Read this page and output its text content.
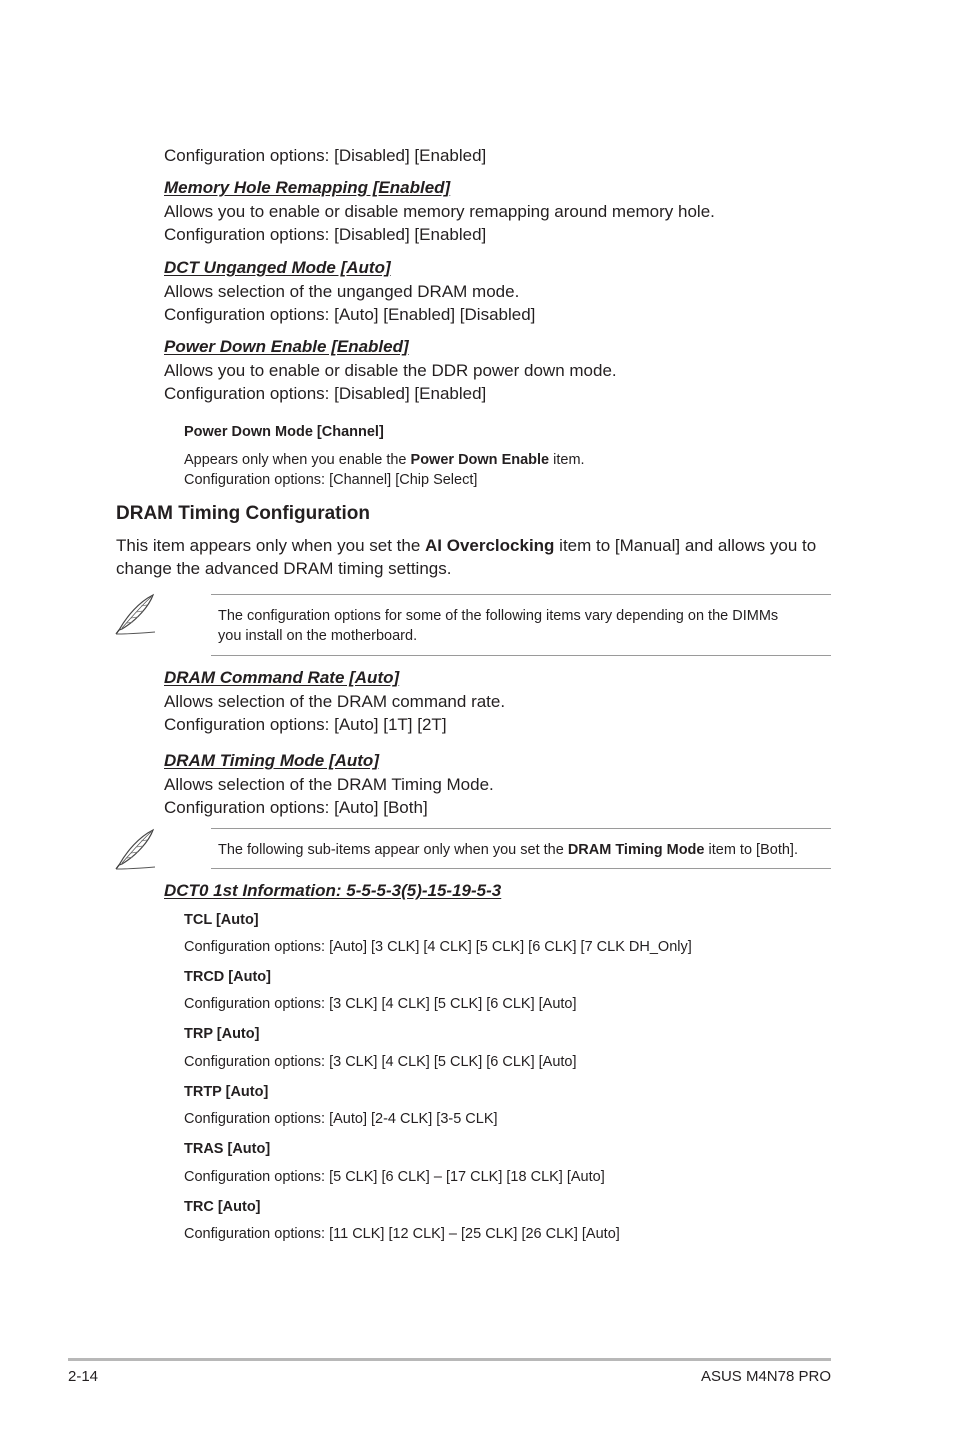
Configuration options: [Disabled] [Enabled]
Memory Hole Remapping [Enabled]
Allows you to enable or disable memory remapping around memory hole.
Configuration options: [Disabled] [Enabled]
DCT Unganged Mode [Auto]
Allows selection of the unganged DRAM mode.
Configuration options: [Auto] [Enabled] [Disabled]
Power Down Enable [Enabled]
Allows you to enable or disable the DDR power down mode.
Configuration options: [Disabled] [Enabled]
Power Down Mode [Channel]
Appears only when you enable the Power Down Enable item.
Configuration options: [Channel] [Chip Select]
DRAM Timing Configuration
This item appears only when you set the AI Overclocking item to [Manual] and allows you to
change the advanced DRAM timing settings.
The configuration options for some of the following items vary depending on the DIMMs
you install on the motherboard.
DRAM Command Rate [Auto]
Allows selection of the DRAM command rate.
Configuration options: [Auto] [1T] [2T]
DRAM Timing Mode [Auto]
Allows selection of the DRAM Timing Mode.
Configuration options: [Auto] [Both]
The following sub-items appear only when you set the DRAM Timing Mode item to [Both].
DCT0 1st Information: 5-5-5-3(5)-15-19-5-3
TCL [Auto]
Configuration options: [Auto] [3 CLK] [4 CLK] [5 CLK] [6 CLK] [7 CLK DH_Only]
TRCD [Auto]
Configuration options: [3 CLK] [4 CLK] [5 CLK] [6 CLK] [Auto]
TRP [Auto]
Configuration options: [3 CLK] [4 CLK] [5 CLK] [6 CLK] [Auto]
TRTP [Auto]
Configuration options: [Auto] [2-4 CLK] [3-5 CLK]
TRAS [Auto]
Configuration options: [5 CLK] [6 CLK] – [17 CLK] [18 CLK] [Auto]
TRC [Auto]
Configuration options: [11 CLK] [12 CLK] – [25 CLK] [26 CLK] [Auto]
2-14	ASUS M4N78 PRO
